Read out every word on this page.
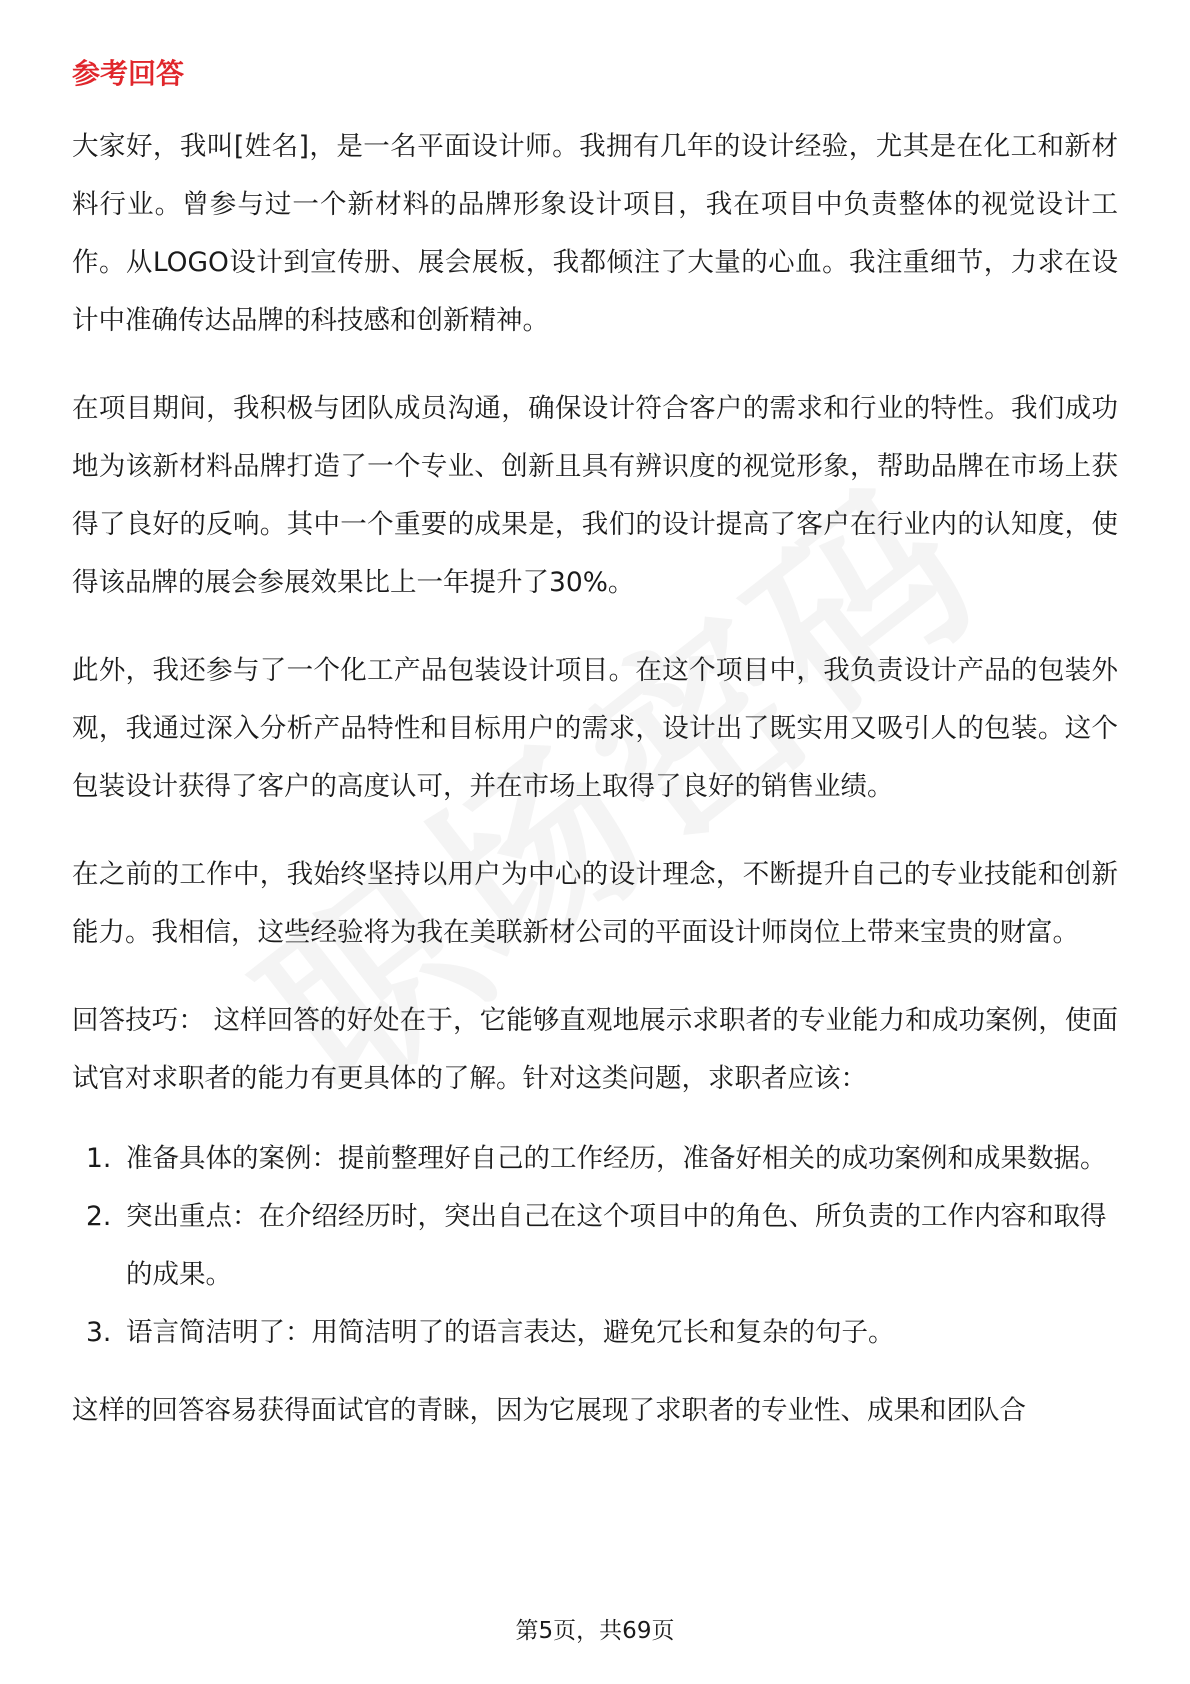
参考回答

大家好，我叫[姓名]，是一名平面设计师。我拥有几年的设计经验，尤其是在化工和新材料行业。曾参与过一个新材料的品牌形象设计项目，我在项目中负责整体的视觉设计工作。从LOGO设计到宣传册、展会展板，我都倾注了大量的心血。我注重细节，力求在设计中准确传达品牌的科技感和创新精神。

在项目期间，我积极与团队成员沟通，确保设计符合客户的需求和行业的特性。我们成功地为该新材料品牌打造了一个专业、创新且具有辨识度的视觉形象，帮助品牌在市场上获得了良好的反响。其中一个重要的成果是，我们的设计提高了客户在行业内的认知度，使得该品牌的展会参展效果比上一年提升了30%。

此外，我还参与了一个化工产品包装设计项目。在这个项目中，我负责设计产品的包装外观，我通过深入分析产品特性和目标用户的需求，设计出了既实用又吸引人的包装。这个包装设计获得了客户的高度认可，并在市场上取得了良好的销售业绩。

在之前的工作中，我始终坚持以用户为中心的设计理念，不断提升自己的专业技能和创新能力。我相信，这些经验将为我在美联新材公司的平面设计师岗位上带来宝贵的财富。

回答技巧： 这样回答的好处在于，它能够直观地展示求职者的专业能力和成功案例，使面试官对求职者的能力有更具体的了解。针对这类问题，求职者应该：

1. 准备具体的案例：提前整理好自己的工作经历，准备好相关的成功案例和成果数据。
2. 突出重点：在介绍经历时，突出自己在这个项目中的角色、所负责的工作内容和取得的成果。
3. 语言简洁明了：用简洁明了的语言表达，避免冗长和复杂的句子。

这样的回答容易获得面试官的青睐，因为它展现了求职者的专业性、成果和团队合

第5页，共69页
